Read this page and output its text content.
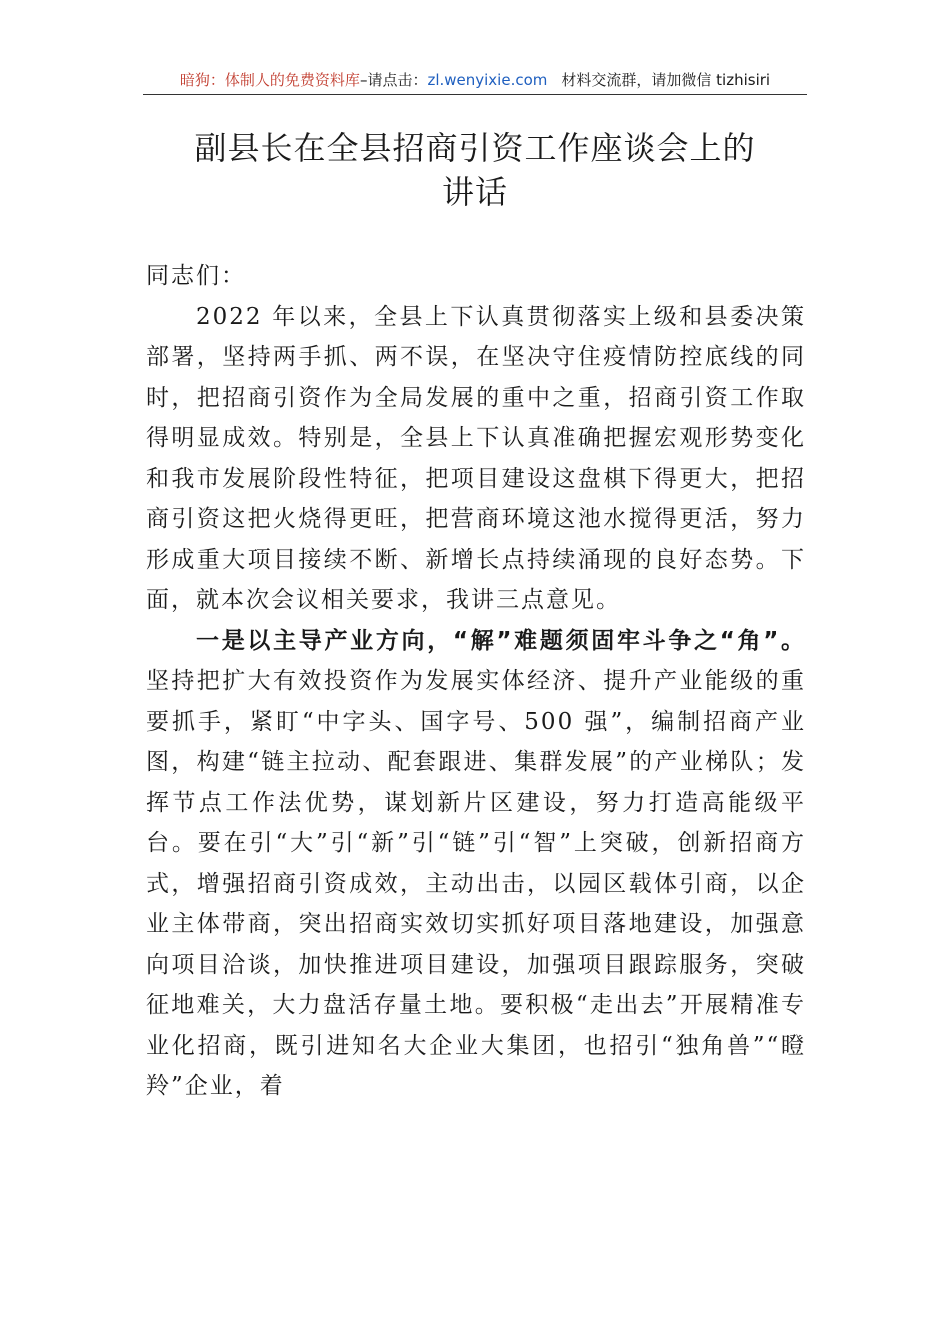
暗狗：体制人的免费资料库–请点击：zl.wenyixie.com 材料交流群，请加微信 tizhisiri
副县长在全县招商引资工作座谈会上的
讲话

同志们：

2022 年以来，全县上下认真贯彻落实上级和县委决策部署，坚持两手抓、两不误，在坚决守住疫情防控底线的同时，把招商引资作为全局发展的重中之重，招商引资工作取得明显成效。特别是，全县上下认真准确把握宏观形势变化和我市发展阶段性特征，把项目建设这盘棋下得更大，把招商引资这把火烧得更旺，把营商环境这池水搅得更活，努力形成重大项目接续不断、新增长点持续涌现的良好态势。下面，就本次会议相关要求，我讲三点意见。

一是以主导产业方向，“解”难题须固牢斗争之“角”。坚持把扩大有效投资作为发展实体经济、提升产业能级的重要抓手，紧盯“中字头、国字号、500 强”，编制招商产业图，构建“链主拉动、配套跟进、集群发展”的产业梯队；发挥节点工作法优势，谋划新片区建设，努力打造高能级平台。要在引“大”引“新”引“链”引“智”上突破，创新招商方式，增强招商引资成效，主动出击，以园区载体引商，以企业主体带商，突出招商实效切实抓好项目落地建设，加强意向项目洽谈，加快推进项目建设，加强项目跟踪服务，突破征地难关，大力盘活存量土地。要积极“走出去”开展精准专业化招商，既引进知名大企业大集团，也招引“独角兽”“瞪羚”企业，着
